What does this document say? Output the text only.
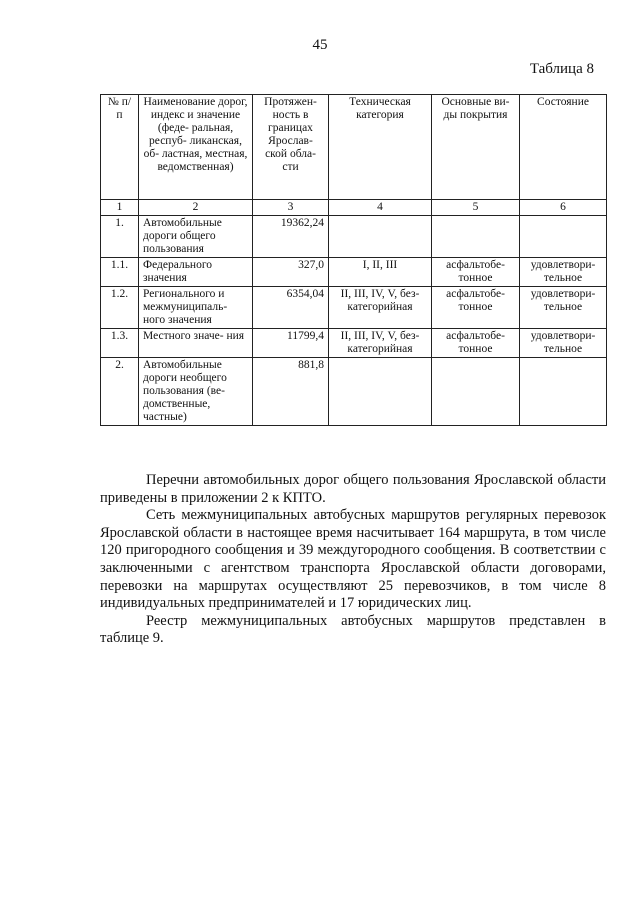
45
Таблица 8
№ п/п	Наименование дорог, индекс и значение (феде- ральная, респуб- ликанская, об- ластная, местная, ведомственная)	Протяжен- ность в границах Ярослав- ской обла- сти	Техническая категория	Основные ви- ды покрытия	Состояние
1	2	3	4	5	6
1.	Автомобильные дороги общего пользования	19362,24			
1.1.	Федерального значения	327,0	I, II, III	асфальтобе- тонное	удовлетвори- тельное
1.2.	Регионального и межмуниципаль- ного значения	6354,04	II, III, IV, V, без- категорийная	асфальтобе- тонное	удовлетвори- тельное
1.3.	Местного значе- ния	11799,4	II, III, IV, V, без- категорийная	асфальтобе- тонное	удовлетвори- тельное
2.	Автомобильные дороги необщего пользования (ве- домственные, частные)	881,8			

Перечни автомобильных дорог общего пользования Ярославской области приведены в приложении 2 к КПТО.

Сеть межмуниципальных автобусных маршрутов регулярных перевозок Ярославской области в настоящее время насчитывает 164 маршрута, в том числе 120 пригородного сообщения и 39 междугородного сообщения. В соответствии с заключенными с агентством транспорта Ярославской области договорами, перевозки на маршрутах осуществляют 25 перевозчиков, в том числе 8 индивидуальных предпринимателей и 17 юридических лиц.

Реестр межмуниципальных автобусных маршрутов представлен в таблице 9.
